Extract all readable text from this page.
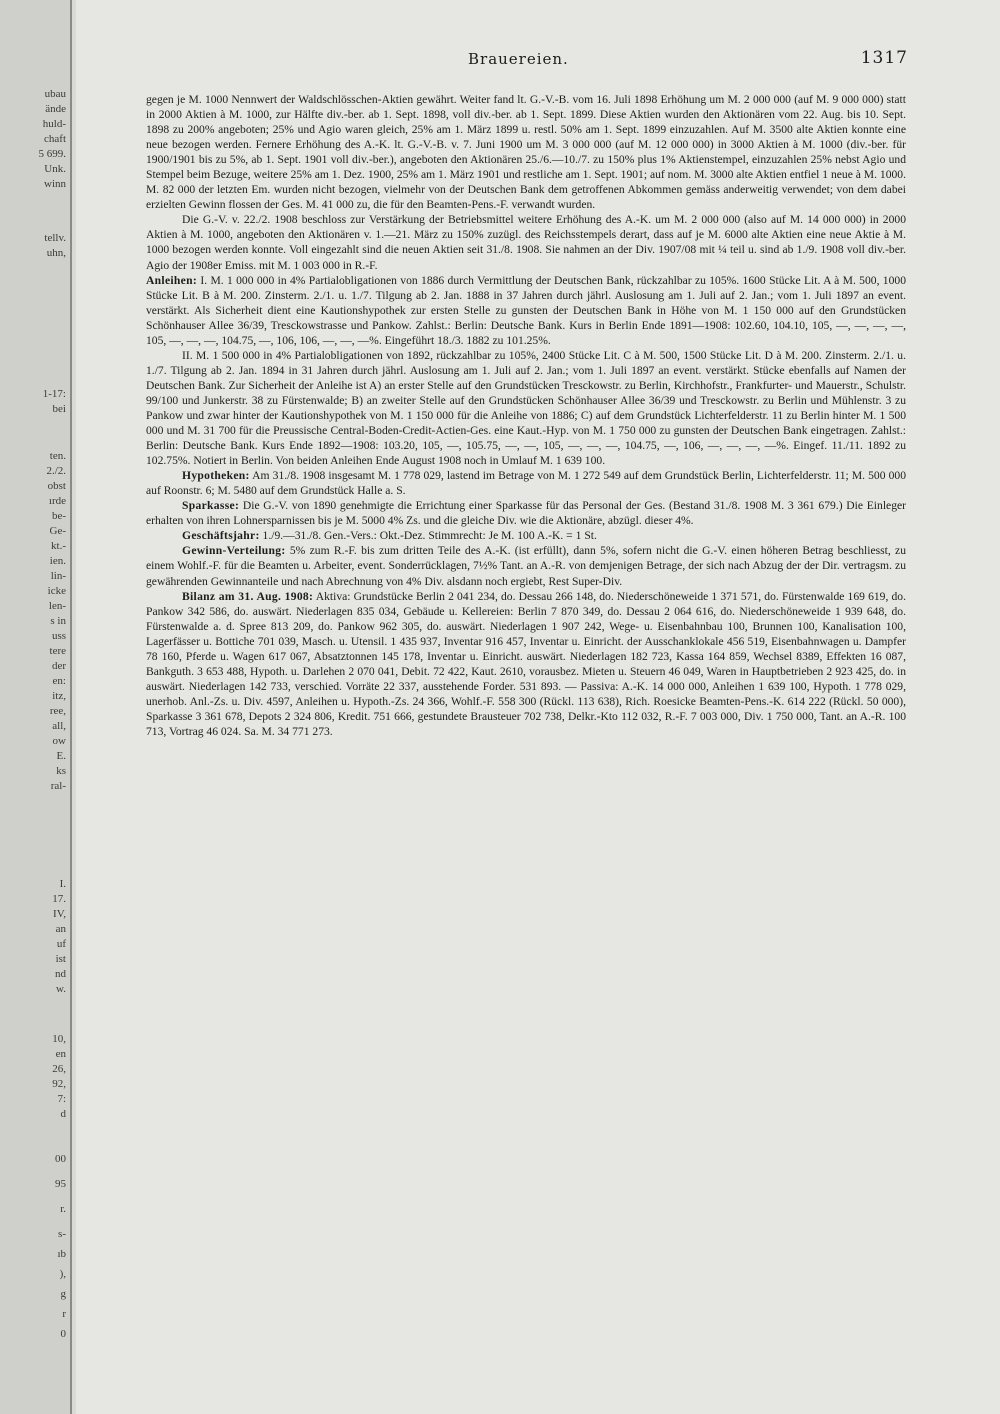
ubau
ände
huld-
chaft
5 699.
Unk.
winn
tellv.
uhn,
1-17:
bei
ten.
2./2.
obst
ırde
be-
Ge-
kt.-
ien.
lin-
icke
len-
s in
uss
tere
der
en:
itz,
ree,
all,
ow
E.
ks
ral-
I.
17.
IV,
an
uf
ist
nd
w.
10,
en
26,
92,
7:
d
00
95
r.
s-
ıb
),
g
r
0
Brauereien.	1317

gegen je M. 1000 Nennwert der Waldschlösschen-Aktien gewährt. Weiter fand lt. G.-V.-B. vom 16. Juli 1898 Erhöhung um M. 2 000 000 (auf M. 9 000 000) statt in 2000 Aktien à M. 1000, zur Hälfte div.-ber. ab 1. Sept. 1898, voll div.-ber. ab 1. Sept. 1899. Diese Aktien wurden den Aktionären vom 22. Aug. bis 10. Sept. 1898 zu 200% angeboten; 25% und Agio waren gleich, 25% am 1. März 1899 u. restl. 50% am 1. Sept. 1899 einzuzahlen. Auf M. 3500 alte Aktien konnte eine neue bezogen werden. Fernere Erhöhung des A.-K. lt. G.-V.-B. v. 7. Juni 1900 um M. 3 000 000 (auf M. 12 000 000) in 3000 Aktien à M. 1000 (div.-ber. für 1900/1901 bis zu 5%, ab 1. Sept. 1901 voll div.-ber.), angeboten den Aktionären 25./6.—10./7. zu 150% plus 1% Aktienstempel, einzuzahlen 25% nebst Agio und Stempel beim Bezuge, weitere 25% am 1. Dez. 1900, 25% am 1. März 1901 und restliche am 1. Sept. 1901; auf nom. M. 3000 alte Aktien entfiel 1 neue à M. 1000. M. 82 000 der letzten Em. wurden nicht bezogen, vielmehr von der Deutschen Bank dem getroffenen Abkommen gemäss anderweitig verwendet; von dem dabei erzielten Gewinn flossen der Ges. M. 41 000 zu, die für den Beamten-Pens.-F. verwandt wurden.

Die G.-V. v. 22./2. 1908 beschloss zur Verstärkung der Betriebsmittel weitere Erhöhung des A.-K. um M. 2 000 000 (also auf M. 14 000 000) in 2000 Aktien à M. 1000, angeboten den Aktionären v. 1.—21. März zu 150% zuzügl. des Reichsstempels derart, dass auf je M. 6000 alte Aktien eine neue Aktie à M. 1000 bezogen werden konnte. Voll eingezahlt sind die neuen Aktien seit 31./8. 1908. Sie nahmen an der Div. 1907/08 mit ¼ teil u. sind ab 1./9. 1908 voll div.-ber. Agio der 1908er Emiss. mit M. 1 003 000 in R.-F.

Anleihen: I. M. 1 000 000 in 4% Partialobligationen von 1886 durch Vermittlung der Deutschen Bank, rückzahlbar zu 105%. 1600 Stücke Lit. A à M. 500, 1000 Stücke Lit. B à M. 200. Zinsterm. 2./1. u. 1./7. Tilgung ab 2. Jan. 1888 in 37 Jahren durch jährl. Auslosung am 1. Juli auf 2. Jan.; vom 1. Juli 1897 an event. verstärkt. Als Sicherheit dient eine Kautionshypothek zur ersten Stelle zu gunsten der Deutschen Bank in Höhe von M. 1 150 000 auf den Grundstücken Schönhauser Allee 36/39, Tresckowstrasse und Pankow. Zahlst.: Berlin: Deutsche Bank. Kurs in Berlin Ende 1891—1908: 102.60, 104.10, 105, —, —, —, —, 105, —, —, —, 104.75, —, 106, 106, —, —, —%. Eingeführt 18./3. 1882 zu 101.25%.

II. M. 1 500 000 in 4% Partialobligationen von 1892, rückzahlbar zu 105%, 2400 Stücke Lit. C à M. 500, 1500 Stücke Lit. D à M. 200. Zinsterm. 2./1. u. 1./7. Tilgung ab 2. Jan. 1894 in 31 Jahren durch jährl. Auslosung am 1. Juli auf 2. Jan.; vom 1. Juli 1897 an event. verstärkt. Stücke ebenfalls auf Namen der Deutschen Bank. Zur Sicherheit der Anleihe ist A) an erster Stelle auf den Grundstücken Tresckowstr. zu Berlin, Kirchhofstr., Frankfurter- und Mauerstr., Schulstr. 99/100 und Junkerstr. 38 zu Fürstenwalde; B) an zweiter Stelle auf den Grundstücken Schönhauser Allee 36/39 und Tresckowstr. zu Berlin und Mühlenstr. 3 zu Pankow und zwar hinter der Kautionshypothek von M. 1 150 000 für die Anleihe von 1886; C) auf dem Grundstück Lichterfelderstr. 11 zu Berlin hinter M. 1 500 000 und M. 31 700 für die Preussische Central-Boden-Credit-Actien-Ges. eine Kaut.-Hyp. von M. 1 750 000 zu gunsten der Deutschen Bank eingetragen. Zahlst.: Berlin: Deutsche Bank. Kurs Ende 1892—1908: 103.20, 105, —, 105.75, —, —, 105, —, —, —, 104.75, —, 106, —, —, —, —%. Eingef. 11./11. 1892 zu 102.75%. Notiert in Berlin. Von beiden Anleihen Ende August 1908 noch in Umlauf M. 1 639 100.

Hypotheken: Am 31./8. 1908 insgesamt M. 1 778 029, lastend im Betrage von M. 1 272 549 auf dem Grundstück Berlin, Lichterfelderstr. 11; M. 500 000 auf Roonstr. 6; M. 5480 auf dem Grundstück Halle a. S.

Sparkasse: Die G.-V. von 1890 genehmigte die Errichtung einer Sparkasse für das Personal der Ges. (Bestand 31./8. 1908 M. 3 361 679.) Die Einleger erhalten von ihren Lohnersparnissen bis je M. 5000 4% Zs. und die gleiche Div. wie die Aktionäre, abzügl. dieser 4%.

Geschäftsjahr: 1./9.—31./8. Gen.-Vers.: Okt.-Dez. Stimmrecht: Je M. 100 A.-K. = 1 St.

Gewinn-Verteilung: 5% zum R.-F. bis zum dritten Teile des A.-K. (ist erfüllt), dann 5%, sofern nicht die G.-V. einen höheren Betrag beschliesst, zu einem Wohlf.-F. für die Beamten u. Arbeiter, event. Sonderrücklagen, 7½% Tant. an A.-R. von demjenigen Betrage, der sich nach Abzug der der Dir. vertragsm. zu gewährenden Gewinnanteile und nach Abrechnung von 4% Div. alsdann noch ergiebt, Rest Super-Div.

Bilanz am 31. Aug. 1908: Aktiva: Grundstücke Berlin 2 041 234, do. Dessau 266 148, do. Niederschöneweide 1 371 571, do. Fürstenwalde 169 619, do. Pankow 342 586, do. auswärt. Niederlagen 835 034, Gebäude u. Kellereien: Berlin 7 870 349, do. Dessau 2 064 616, do. Niederschöneweide 1 939 648, do. Fürstenwalde a. d. Spree 813 209, do. Pankow 962 305, do. auswärt. Niederlagen 1 907 242, Wege- u. Eisenbahnbau 100, Brunnen 100, Kanalisation 100, Lagerfässer u. Bottiche 701 039, Masch. u. Utensil. 1 435 937, Inventar 916 457, Inventar u. Einricht. der Ausschanklokale 456 519, Eisenbahnwagen u. Dampfer 78 160, Pferde u. Wagen 617 067, Absatztonnen 145 178, Inventar u. Einricht. auswärt. Niederlagen 182 723, Kassa 164 859, Wechsel 8389, Effekten 16 087, Bankguth. 3 653 488, Hypoth. u. Darlehen 2 070 041, Debit. 72 422, Kaut. 2610, vorausbez. Mieten u. Steuern 46 049, Waren in Hauptbetrieben 2 923 425, do. in auswärt. Niederlagen 142 733, verschied. Vorräte 22 337, ausstehende Forder. 531 893. — Passiva: A.-K. 14 000 000, Anleihen 1 639 100, Hypoth. 1 778 029, unerhob. Anl.-Zs. u. Div. 4597, Anleihen u. Hypoth.-Zs. 24 366, Wohlf.-F. 558 300 (Rückl. 113 638), Rich. Roesicke Beamten-Pens.-K. 614 222 (Rückl. 50 000), Sparkasse 3 361 678, Depots 2 324 806, Kredit. 751 666, gestundete Brausteuer 702 738, Delkr.-Kto 112 032, R.-F. 7 003 000, Div. 1 750 000, Tant. an A.-R. 100 713, Vortrag 46 024. Sa. M. 34 771 273.
